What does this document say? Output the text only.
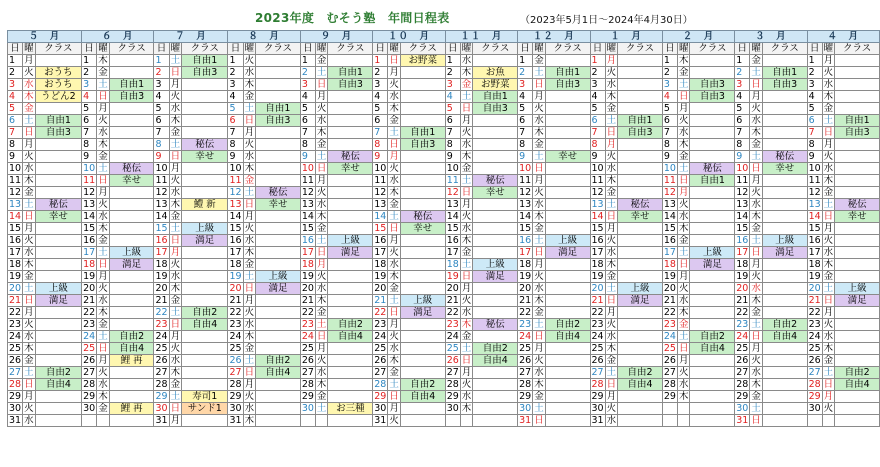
2023年度　むそう塾　年間日程表	（2023年5月1日～2024年4月30日）
５　月			６　月			７　月			８　月			９　月			１０　月			１１　月			１２　月			１　月			２　月			３　月			４　月		
日	曜	クラス	日	曜	クラス	日	曜	クラス	日	曜	クラス	日	曜	クラス	日	曜	クラス	日	曜	クラス	日	曜	クラス	日	曜	クラス	日	曜	クラス	日	曜	クラス	日	曜	クラス
1	月		1	木		1	土	自由1	1	火		1	金		1	日	お野菜	1	水		1	金		1	月		1	木		1	金		1	月	
2	火	おうち	2	金		2	日	自由3	2	水		2	土	自由1	2	月		2	木	お魚	2	土	自由1	2	火		2	金		2	土	自由1	2	火	
3	水	おうち	3	土	自由1	3	月		3	木		3	日	自由3	3	火		3	金	お野菜	3	日	自由3	3	水		3	土	自由3	3	日	自由3	3	水	
4	木	うどん2	4	日	自由3	4	火		4	金		4	月		4	水		4	土	自由1	4	月		4	木		4	日	自由3	4	月		4	木	
5	金		5	月		5	水		5	土	自由1	5	火		5	木		5	日	自由3	5	火		5	金		5	月		5	火		5	金	
6	土	自由1	6	火		6	木		6	日	自由3	6	水		6	金		6	月		6	水		6	土	自由1	6	火		6	水		6	土	自由1
7	日	自由3	7	水		7	金		7	月		7	木		7	土	自由1	7	火		7	木		7	日	自由3	7	水		7	木		7	日	自由3
8	月		8	木		8	土	秘伝	8	火		8	金		8	日	自由3	8	水		8	金		8	月		8	木		8	金		8	月	
9	火		9	金		9	日	幸せ	9	水		9	土	秘伝	9	月		9	木		9	土	幸せ	9	火		9	金		9	土	秘伝	9	火	
10	水		10	土	秘伝	10	月		10	木		10	日	幸せ	10	火		10	金		10	日		10	水		10	土	秘伝	10	日	幸せ	10	水	
11	木		11	日	幸せ	11	火		11	金		11	月		11	水		11	土	秘伝	11	月		11	木		11	日	自由1	11	月		11	木	
12	金		12	月		12	水		12	土	秘伝	12	火		12	木		12	日	幸せ	12	火		12	金		12	月		12	火		12	金	
13	土	秘伝	13	火		13	木	鱧 新	13	日	幸せ	13	水		13	金		13	月		13	水		13	土	秘伝	13	火		13	水		13	土	秘伝
14	日	幸せ	14	水		14	金		14	月		14	木		14	土	秘伝	14	火		14	木		14	日	幸せ	14	水		14	木		14	日	幸せ
15	月		15	木		15	土	上級	15	火		15	金		15	日	幸せ	15	水		15	金		15	月		15	木		15	金		15	月	
16	火		16	金		16	日	満足	16	水		16	土	上級	16	月		16	木		16	土	上級	16	火		16	金		16	土	上級	16	火	
17	水		17	土	上級	17	月		17	木		17	日	満足	17	火		17	金		17	日	満足	17	水		17	土	上級	17	日	満足	17	水	
18	木		18	日	満足	18	火		18	金		18	月		18	水		18	土	上級	18	月		18	木		18	日	満足	18	月		18	木	
19	金		19	月		19	水		19	土	上級	19	火		19	木		19	日	満足	19	火		19	金		19	月		19	火		19	金	
20	土	上級	20	火		20	木		20	日	満足	20	水		20	金		20	月		20	水		20	土	上級	20	火		20	水		20	土	上級
21	日	満足	21	水		21	金		21	月		21	木		21	土	上級	21	火		21	木		21	日	満足	21	水		21	木		21	日	満足
22	月		22	木		22	土	自由2	22	火		22	金		22	日	満足	22	水		22	金		22	月		22	木		22	金		22	月	
23	火		23	金		23	日	自由4	23	水		23	土	自由2	23	月		23	木	秘伝	23	土	自由2	23	火		23	金		23	土	自由2	23	火	
24	水		24	土	自由2	24	月		24	木		24	日	自由4	24	火		24	金		24	日	自由4	24	水		24	土	自由2	24	日	自由4	24	水	
25	木		25	日	自由4	25	火		25	金		25	月		25	水		25	土	自由2	25	月		25	木		25	日	自由4	25	月		25	木	
26	金		26	月	鯉 再	26	水		26	土	自由2	26	火		26	木		26	日	自由4	26	火		26	金		26	月		26	火		26	金	
27	土	自由2	27	火		27	木		27	日	自由4	27	水		27	金		27	月		27	水		27	土	自由2	27	火		27	水		27	土	自由2
28	日	自由4	28	水		28	金		28	月		28	木		28	土	自由2	28	火		28	木		28	日	自由4	28	水		28	木		28	日	自由4
29	月		29	木		29	土	寿司1	29	火		29	金		29	日	自由4	29	水		29	金		29	月		29	木		29	金		29	月	
30	火		30	金	鯉 再	30	日	サンド1	30	水		30	土	お三種	30	月		30	木		30	土		30	火					30	土		30	火	
31	水					31	月		31	木					31	火					31	日		31	水					31	日				
